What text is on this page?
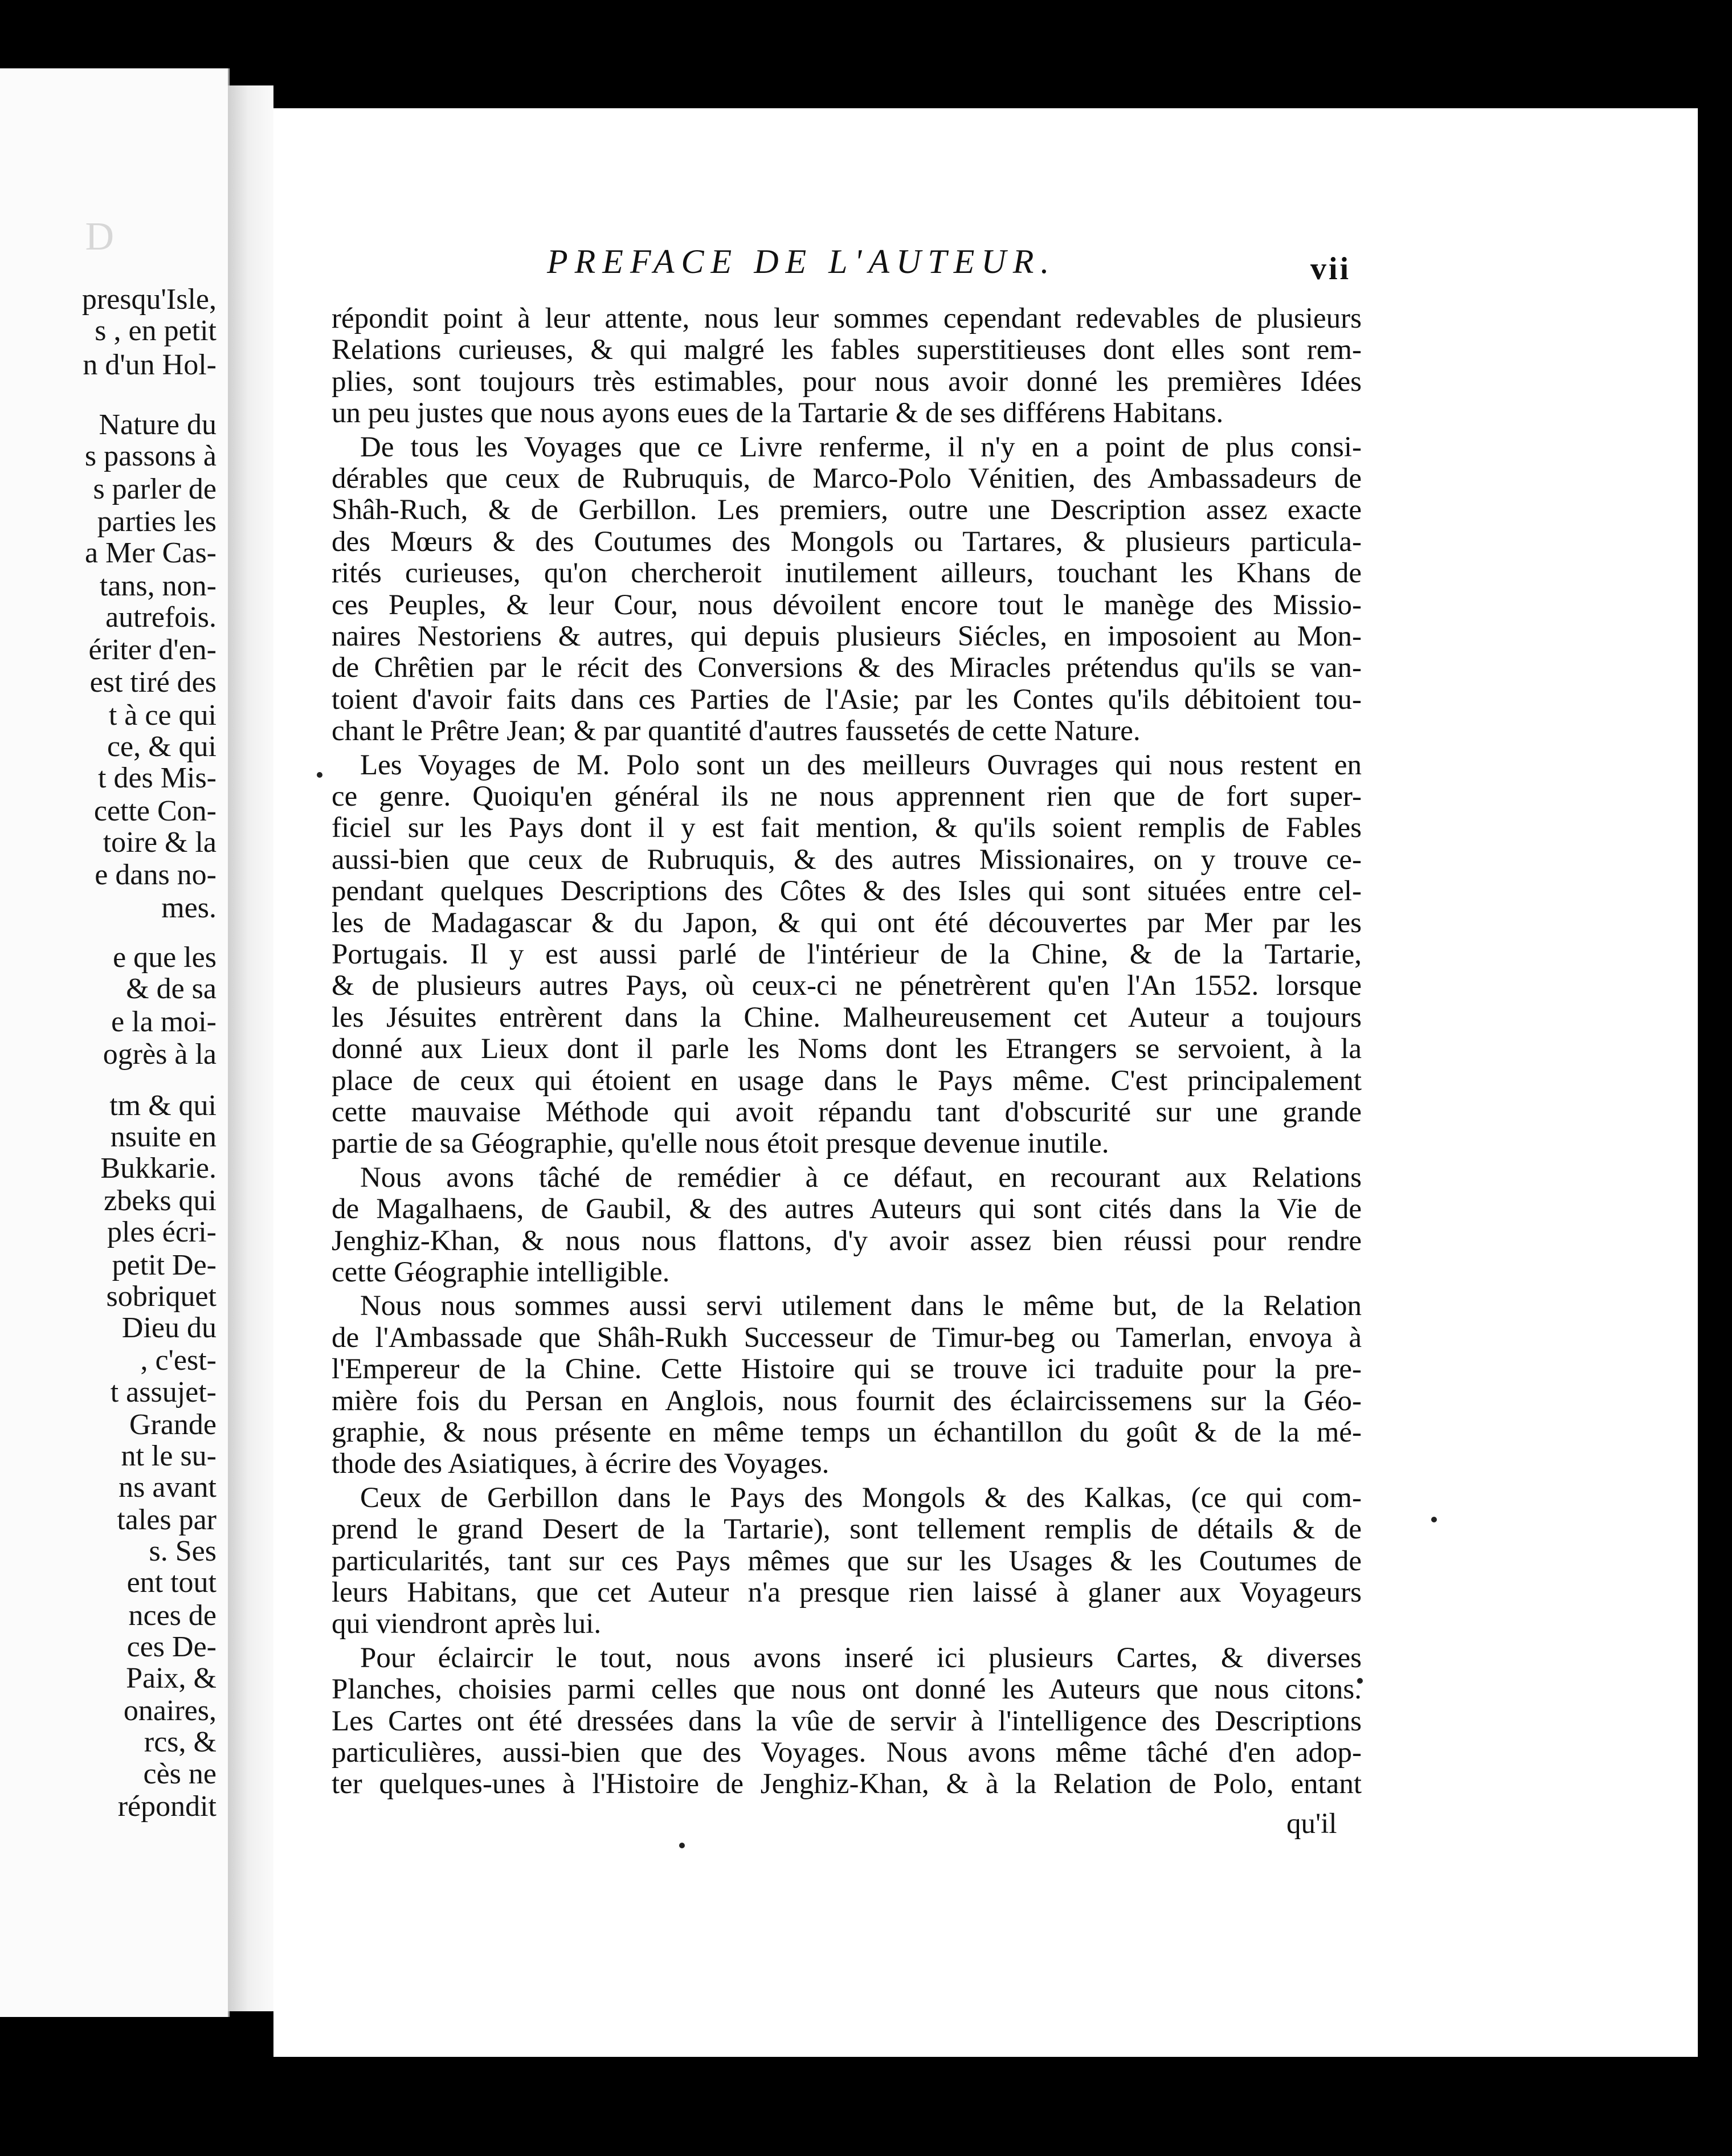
D
presqu'Isle,
s , en petit
n d'un Hol-
Nature du
s passons à
s parler de
parties les
a Mer Cas-
tans, non-
autrefois.
ériter d'en-
est tiré des
t à ce qui
ce, & qui
t des Mis-
cette Con-
toire & la
e dans no-
mes.
e que les
& de sa
e la moi-
ogrès à la
tm & qui
nsuite en
Bukkarie.
zbeks qui
ples écri-
petit De-
sobriquet
Dieu du
, c'est-
t assujet-
Grande
nt le su-
ns avant
tales par
s. Ses
ent tout
nces de
ces De-
Paix, &
onaires,
rcs, &
cès ne
répondit
PREFACE DE L'AUTEUR.	vii
qu'il
répondit point à leur attente, nous leur sommes cependant redevables de plusieurs
Relations curieuses, & qui malgré les fables superstitieuses dont elles sont rem-
plies, sont toujours très estimables, pour nous avoir donné les premières Idées
un peu justes que nous ayons eues de la Tartarie & de ses différens Habitans.
De tous les Voyages que ce Livre renferme, il n'y en a point de plus consi-
dérables que ceux de Rubruquis, de Marco-Polo Vénitien, des Ambassadeurs de
Shâh-Ruch, & de Gerbillon. Les premiers, outre une Description assez exacte
des Mœurs & des Coutumes des Mongols ou Tartares, & plusieurs particula-
rités curieuses, qu'on chercheroit inutilement ailleurs, touchant les Khans de
ces Peuples, & leur Cour, nous dévoilent encore tout le manège des Missio-
naires Nestoriens & autres, qui depuis plusieurs Siécles, en imposoient au Mon-
de Chrêtien par le récit des Conversions & des Miracles prétendus qu'ils se van-
toient d'avoir faits dans ces Parties de l'Asie; par les Contes qu'ils débitoient tou-
chant le Prêtre Jean; & par quantité d'autres faussetés de cette Nature.
Les Voyages de M. Polo sont un des meilleurs Ouvrages qui nous restent en
ce genre. Quoiqu'en général ils ne nous apprennent rien que de fort super-
ficiel sur les Pays dont il y est fait mention, & qu'ils soient remplis de Fables
aussi-bien que ceux de Rubruquis, & des autres Missionaires, on y trouve ce-
pendant quelques Descriptions des Côtes & des Isles qui sont situées entre cel-
les de Madagascar & du Japon, & qui ont été découvertes par Mer par les
Portugais. Il y est aussi parlé de l'intérieur de la Chine, & de la Tartarie,
& de plusieurs autres Pays, où ceux-ci ne pénetrèrent qu'en l'An 1552. lorsque
les Jésuites entrèrent dans la Chine. Malheureusement cet Auteur a toujours
donné aux Lieux dont il parle les Noms dont les Etrangers se servoient, à la
place de ceux qui étoient en usage dans le Pays même. C'est principalement
cette mauvaise Méthode qui avoit répandu tant d'obscurité sur une grande
partie de sa Géographie, qu'elle nous étoit presque devenue inutile.
Nous avons tâché de remédier à ce défaut, en recourant aux Relations
de Magalhaens, de Gaubil, & des autres Auteurs qui sont cités dans la Vie de
Jenghiz-Khan, & nous nous flattons, d'y avoir assez bien réussi pour rendre
cette Géographie intelligible.
Nous nous sommes aussi servi utilement dans le même but, de la Relation
de l'Ambassade que Shâh-Rukh Successeur de Timur-beg ou Tamerlan, envoya à
l'Empereur de la Chine. Cette Histoire qui se trouve ici traduite pour la pre-
mière fois du Persan en Anglois, nous fournit des éclaircissemens sur la Géo-
graphie, & nous présente en même temps un échantillon du goût & de la mé-
thode des Asiatiques, à écrire des Voyages.
Ceux de Gerbillon dans le Pays des Mongols & des Kalkas, (ce qui com-
prend le grand Desert de la Tartarie), sont tellement remplis de détails & de
particularités, tant sur ces Pays mêmes que sur les Usages & les Coutumes de
leurs Habitans, que cet Auteur n'a presque rien laissé à glaner aux Voyageurs
qui viendront après lui.
Pour éclaircir le tout, nous avons inseré ici plusieurs Cartes, & diverses
Planches, choisies parmi celles que nous ont donné les Auteurs que nous citons.
Les Cartes ont été dressées dans la vûe de servir à l'intelligence des Descriptions
particulières, aussi-bien que des Voyages. Nous avons même tâché d'en adop-
ter quelques-unes à l'Histoire de Jenghiz-Khan, & à la Relation de Polo, entant
